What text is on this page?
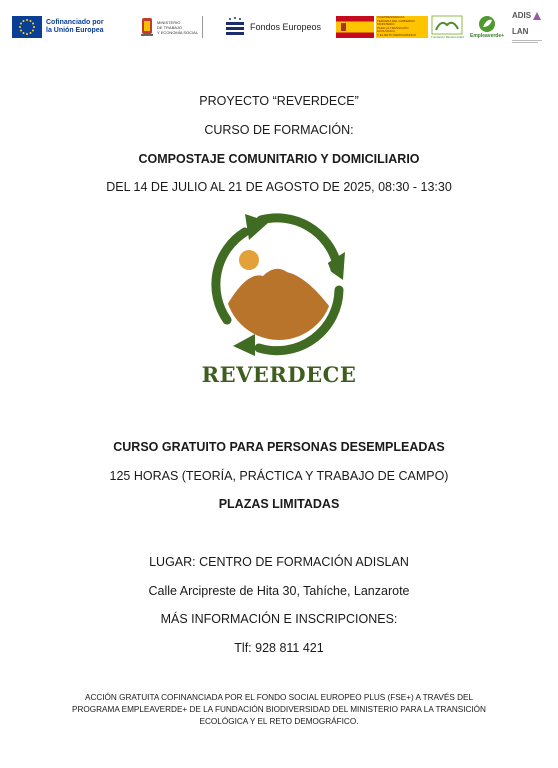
Cofinanciado por
la Unión Europea
MINISTERIO
DE TRABAJO
Y ECONOMÍA SOCIAL	Fondos Europeos
VICEPRESIDENCIA
TERCERA DEL GOBIERNO
MINISTERIO
PARA LA TRANSICIÓN ECOLÓGICA
Y EL RETO DEMOGRÁFICO
Fundación Biodiversidad Empleaverde+
ADIS
LAN
PROYECTO “REVERDECE”
CURSO DE FORMACIÓN:
COMPOSTAJE COMUNITARIO Y DOMICILIARIO
DEL 14 DE JULIO AL 21 DE AGOSTO DE 2025, 08:30 - 13:30
REVERDECE
CURSO GRATUITO PARA PERSONAS DESEMPLEADAS
125 HORAS (TEORÍA, PRÁCTICA Y TRABAJO DE CAMPO)
PLAZAS LIMITADAS
LUGAR: CENTRO DE FORMACIÓN ADISLAN
Calle Arcipreste de Hita 30, Tahíche, Lanzarote
MÁS INFORMACIÓN E INSCRIPCIONES:
Tlf: 928 811 421
ACCIÓN GRATUITA COFINANCIADA POR EL FONDO SOCIAL EUROPEO PLUS (FSE+) A TRAVÉS DEL
PROGRAMA EMPLEAVERDE+ DE LA FUNDACIÓN BIODIVERSIDAD DEL MINISTERIO PARA LA TRANSICIÓN
ECOLÓGICA Y EL RETO DEMOGRÁFICO.
